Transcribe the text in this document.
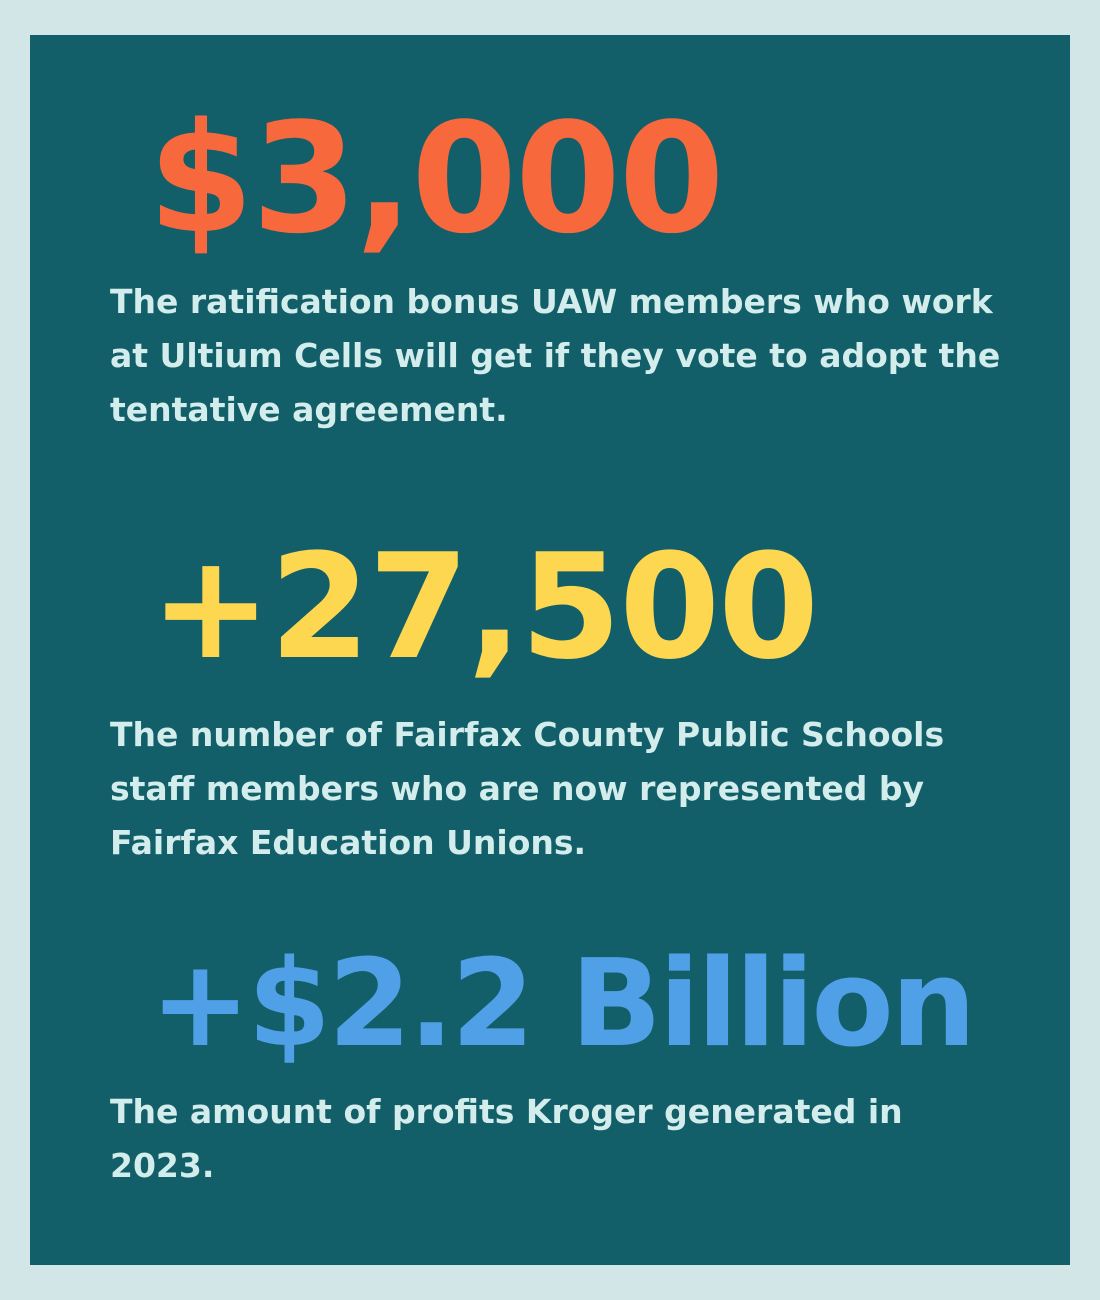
$3,000

The ratification bonus UAW members who work at Ultium Cells will get if they vote to adopt the tentative agreement.

+27,500

The number of Fairfax County Public Schools staff members who are now represented by Fairfax Education Unions.

+$2.2 Billion

The amount of profits Kroger generated in 2023.
